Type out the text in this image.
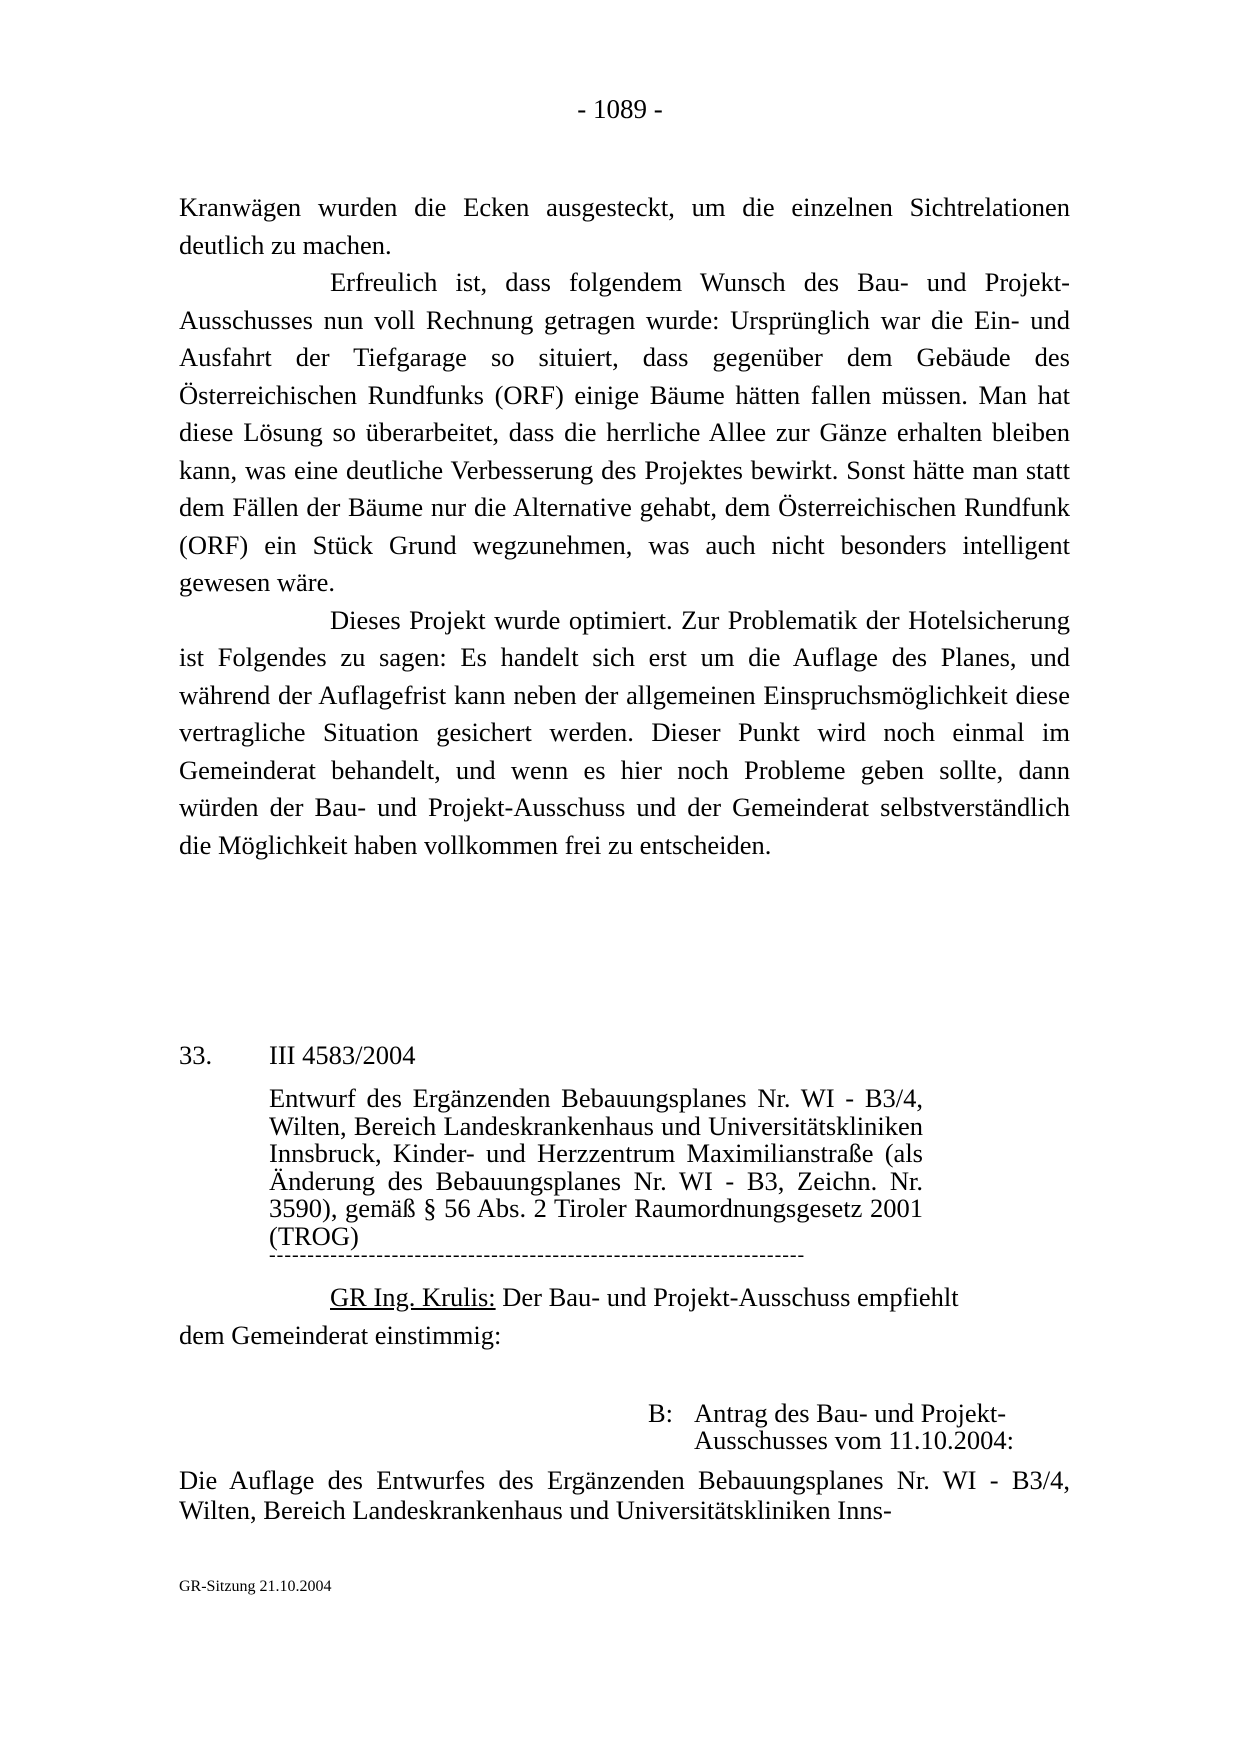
- 1089 -

Kranwägen wurden die Ecken ausgesteckt, um die einzelnen Sichtrelationen deutlich zu machen.

Erfreulich ist, dass folgendem Wunsch des Bau- und Projekt-Ausschusses nun voll Rechnung getragen wurde: Ursprünglich war die Ein- und Ausfahrt der Tiefgarage so situiert, dass gegenüber dem Gebäude des Österreichischen Rundfunks (ORF) einige Bäume hätten fallen müssen. Man hat diese Lösung so überarbeitet, dass die herrliche Allee zur Gänze erhalten bleiben kann, was eine deutliche Verbesserung des Projektes bewirkt. Sonst hätte man statt dem Fällen der Bäume nur die Alternative gehabt, dem Österreichischen Rundfunk (ORF) ein Stück Grund wegzunehmen, was auch nicht besonders intelligent gewesen wäre.

Dieses Projekt wurde optimiert. Zur Problematik der Hotelsicherung ist Folgendes zu sagen: Es handelt sich erst um die Auflage des Planes, und während der Auflagefrist kann neben der allgemeinen Einspruchsmöglichkeit diese vertragliche Situation gesichert werden. Dieser Punkt wird noch einmal im Gemeinderat behandelt, und wenn es hier noch Probleme geben sollte, dann würden der Bau- und Projekt-Ausschuss und der Gemeinderat selbstverständlich die Möglichkeit haben vollkommen frei zu entscheiden.

33. III 4583/2004
Entwurf des Ergänzenden Bebauungsplanes Nr. WI - B3/4, Wilten, Bereich Landeskrankenhaus und Universitätskliniken Innsbruck, Kinder- und Herzzentrum Maximilianstraße (als Änderung des Bebauungsplanes Nr. WI - B3, Zeichn. Nr. 3590), gemäß § 56 Abs. 2 Tiroler Raumordnungsgesetz 2001 (TROG)
----------------------------------------------------------------------
GR Ing. Krulis: Der Bau- und Projekt-Ausschuss empfiehlt
dem Gemeinderat einstimmig:
B: Antrag des Bau- und Projekt-
Ausschusses vom 11.10.2004:
Die Auflage des Entwurfes des Ergänzenden Bebauungsplanes Nr. WI - B3/4, Wilten, Bereich Landeskrankenhaus und Universitätskliniken Inns-
GR-Sitzung 21.10.2004
